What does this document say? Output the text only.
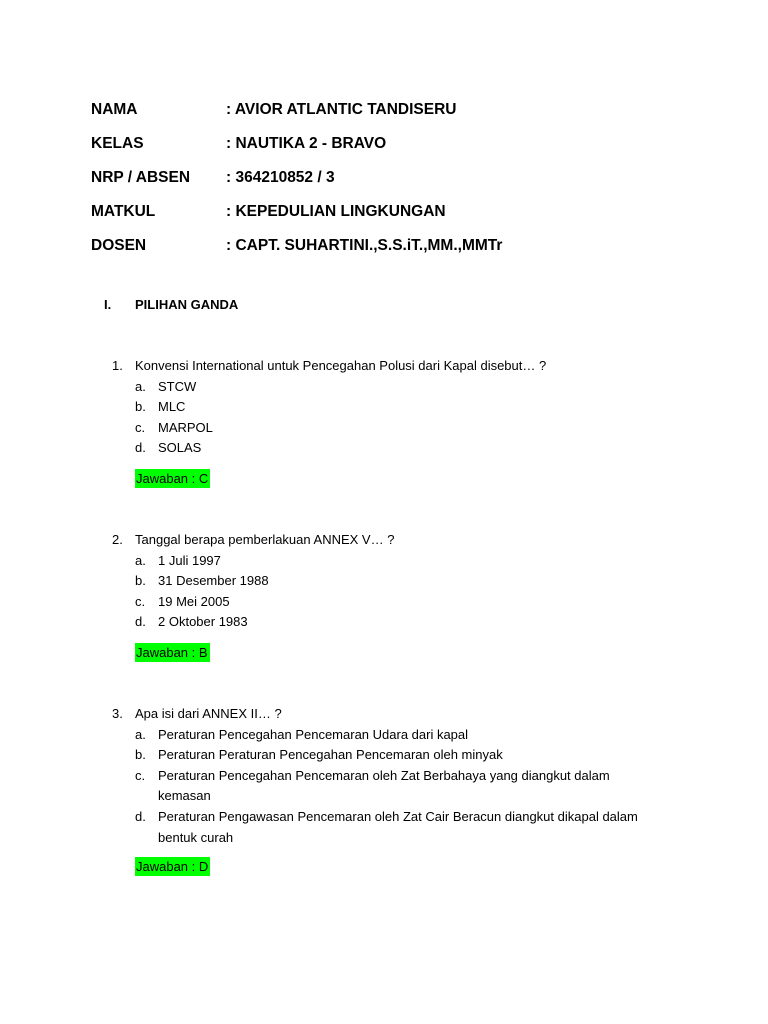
NAMA	: AVIOR ATLANTIC TANDISERU
KELAS	: NAUTIKA 2 - BRAVO
NRP / ABSEN	: 364210852 / 3
MATKUL	: KEPEDULIAN LINGKUNGAN
DOSEN	: CAPT. SUHARTINI.,S.S.iT.,MM.,MMTr
I.	PILIHAN GANDA
1. Konvensi International untuk Pencegahan Polusi dari Kapal disebut… ?
a. STCW
b. MLC
c. MARPOL
d. SOLAS
Jawaban : C
2. Tanggal berapa pemberlakuan ANNEX V… ?
a. 1 Juli 1997
b. 31 Desember 1988
c. 19 Mei 2005
d. 2 Oktober 1983
Jawaban : B
3. Apa isi dari ANNEX II… ?
a. Peraturan Pencegahan Pencemaran Udara dari kapal
b. Peraturan Peraturan Pencegahan Pencemaran oleh minyak
c. Peraturan Pencegahan Pencemaran oleh Zat Berbahaya yang diangkut dalam kemasan
d. Peraturan Pengawasan Pencemaran oleh Zat Cair Beracun diangkut dikapal dalam bentuk curah
Jawaban : D
